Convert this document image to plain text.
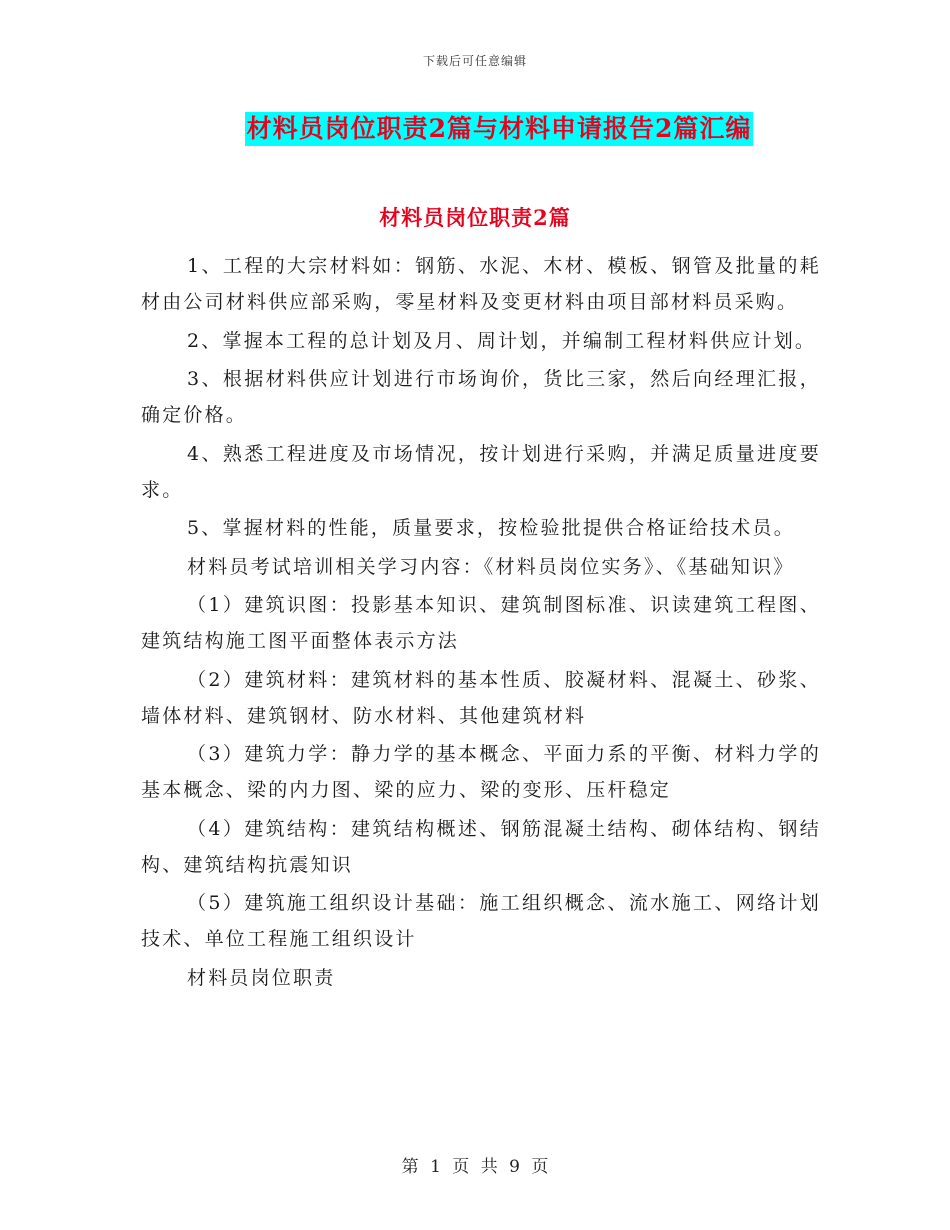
下载后可任意编辑
材料员岗位职责2篇与材料申请报告2篇汇编
材料员岗位职责2篇

1、工程的大宗材料如：钢筋、水泥、木材、模板、钢管及批量的耗材由公司材料供应部采购，零星材料及变更材料由项目部材料员采购。

2、掌握本工程的总计划及月、周计划，并编制工程材料供应计划。

3、根据材料供应计划进行市场询价，货比三家，然后向经理汇报，确定价格。

4、熟悉工程进度及市场情况，按计划进行采购，并满足质量进度要求。

5、掌握材料的性能，质量要求，按检验批提供合格证给技术员。

材料员考试培训相关学习内容：《材料员岗位实务》、《基础知识》

（1）建筑识图：投影基本知识、建筑制图标准、识读建筑工程图、建筑结构施工图平面整体表示方法

（2）建筑材料：建筑材料的基本性质、胶凝材料、混凝土、砂浆、墙体材料、建筑钢材、防水材料、其他建筑材料

（3）建筑力学：静力学的基本概念、平面力系的平衡、材料力学的基本概念、梁的内力图、梁的应力、梁的变形、压杆稳定

（4）建筑结构：建筑结构概述、钢筋混凝土结构、砌体结构、钢结构、建筑结构抗震知识

（5）建筑施工组织设计基础：施工组织概念、流水施工、网络计划技术、单位工程施工组织设计

材料员岗位职责

第 1 页 共 9 页
